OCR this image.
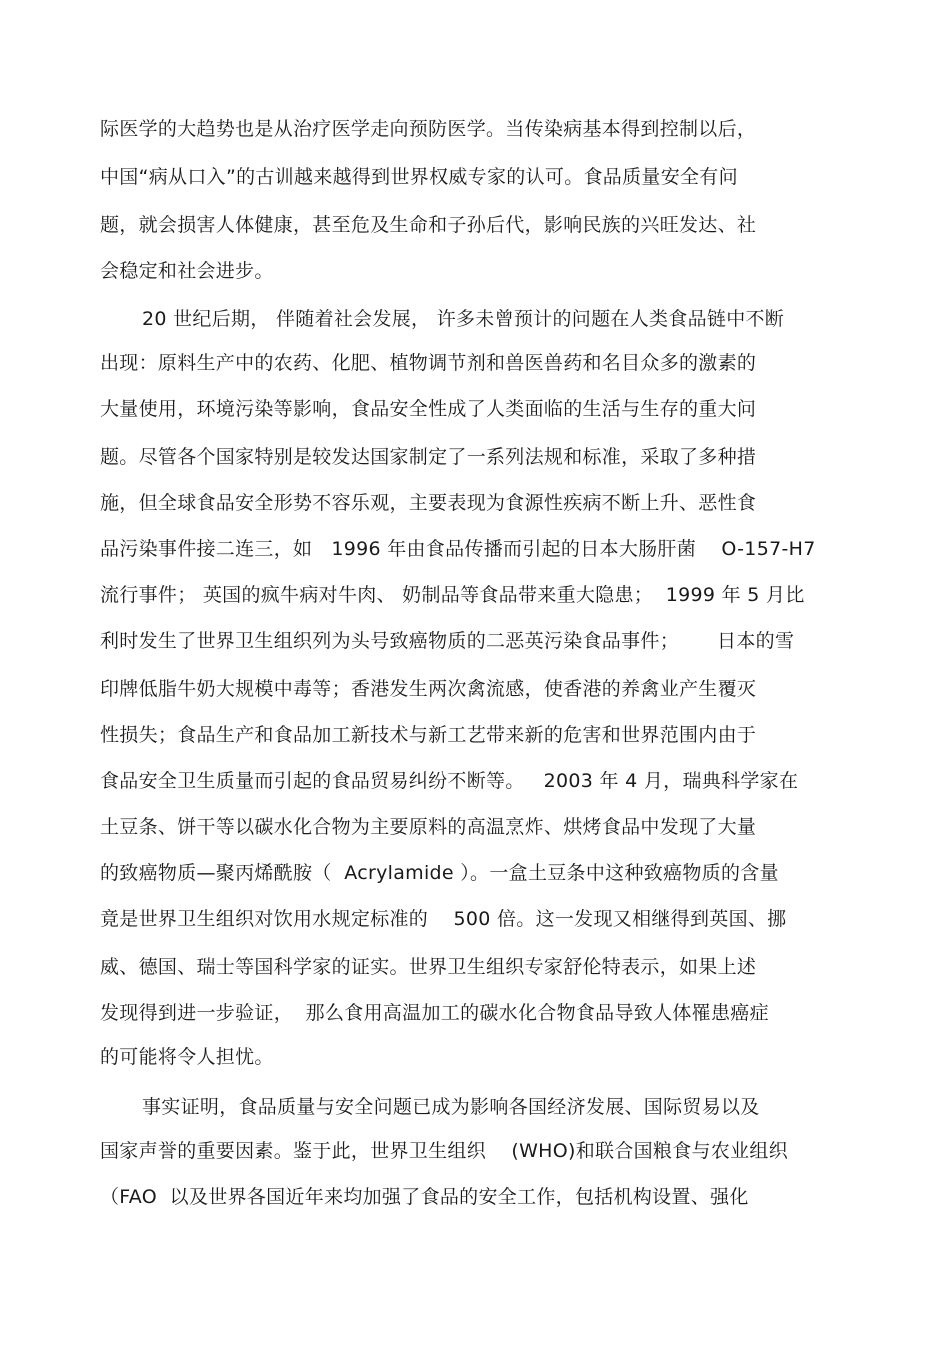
际医学的大趋势也是从治疗医学走向预防医学。当传染病基本得到控制以后，
中国“病从口入”的古训越来越得到世界权威专家的认可。食品质量安全有问
题，就会损害人体健康，甚至危及生命和子孙后代，影响民族的兴旺发达、社
会稳定和社会进步。
20 世纪后期， 伴随着社会发展， 许多未曾预计的问题在人类食品链中不断
出现：原料生产中的农药、化肥、植物调节剂和兽医兽药和名目众多的激素的
大量使用，环境污染等影响，食品安全性成了人类面临的生活与生存的重大问
题。尽管各个国家特别是较发达国家制定了一系列法规和标准，采取了多种措
施，但全球食品安全形势不容乐观，主要表现为食源性疾病不断上升、恶性食
品污染事件接二连三，如   1996 年由食品传播而引起的日本大肠肝菌    O-157-H7
流行事件； 英国的疯牛病对牛肉、 奶制品等食品带来重大隐患；  1999 年 5 月比
利时发生了世界卫生组织列为头号致癌物质的二恶英污染食品事件；      日本的雪
印牌低脂牛奶大规模中毒等；香港发生两次禽流感，使香港的养禽业产生覆灭
性损失；食品生产和食品加工新技术与新工艺带来新的危害和世界范围内由于
食品安全卫生质量而引起的食品贸易纠纷不断等。   2003 年 4 月，瑞典科学家在
土豆条、饼干等以碳水化合物为主要原料的高温烹炸、烘烤食品中发现了大量
的致癌物质—聚丙烯酰胺（  Acrylamide ）。一盒土豆条中这种致癌物质的含量
竟是世界卫生组织对饮用水规定标准的    500 倍。这一发现又相继得到英国、挪
威、德国、瑞士等国科学家的证实。世界卫生组织专家舒伦特表示，如果上述
发现得到进一步验证，  那么食用高温加工的碳水化合物食品导致人体罹患癌症
的可能将令人担忧。
事实证明，食品质量与安全问题已成为影响各国经济发展、国际贸易以及
国家声誉的重要因素。鉴于此，世界卫生组织    (WHO)和联合国粮食与农业组织
（FAO  以及世界各国近年来均加强了食品的安全工作，包括机构设置、强化
